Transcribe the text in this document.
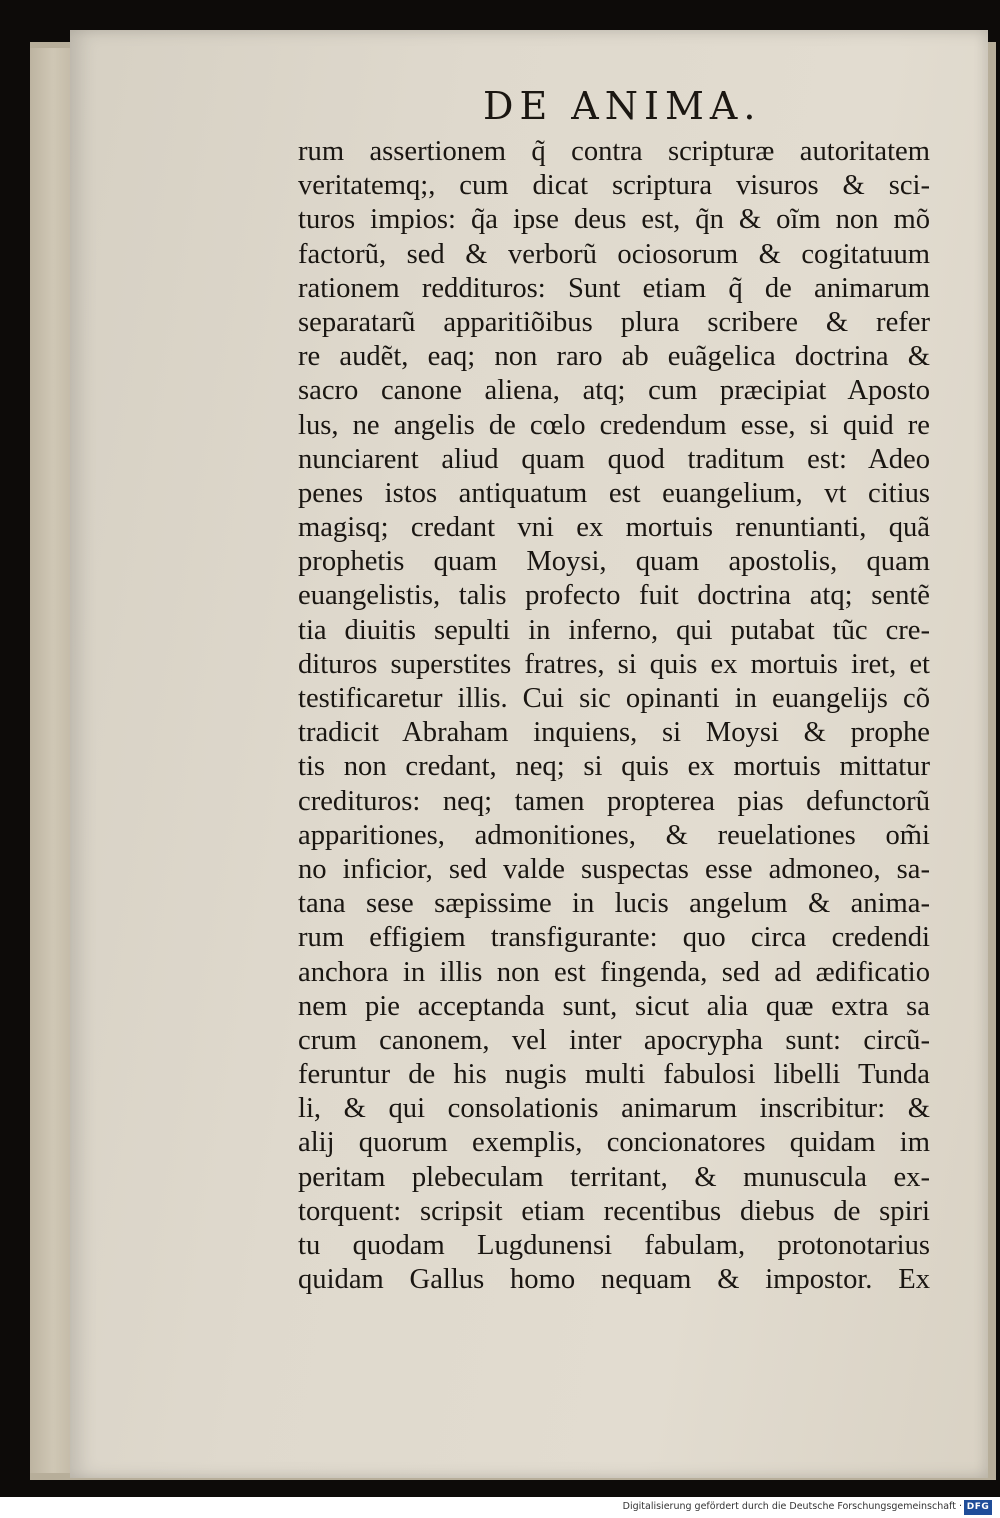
DE ANIMA.
rum assertionem q̃ contra scripturæ autoritatem
veritatemq;, cum dicat scriptura visuros & sci-
turos impios: q̃a ipse deus est, q̃n & oĩm non mõ
factorũ, sed & verborũ ociosorum & cogitatuum
rationem reddituros: Sunt etiam q̃ de animarum
separatarũ apparitiõibus plura scribere & refer
re audẽt, eaq; non raro ab euãgelica doctrina &
sacro canone aliena, atq; cum præcipiat Aposto
lus, ne angelis de cœlo credendum esse, si quid re
nunciarent aliud quam quod traditum est: Adeo
penes istos antiquatum est euangelium, vt citius
magisq; credant vni ex mortuis renuntianti, quã
prophetis quam Moysi, quam apostolis, quam
euangelistis, talis profecto fuit doctrina atq; sentẽ
tia diuitis sepulti in inferno, qui putabat tũc cre-
dituros superstites fratres, si quis ex mortuis iret, et
testificaretur illis. Cui sic opinanti in euangelijs cõ
tradicit Abraham inquiens, si Moysi & prophe
tis non credant, neq; si quis ex mortuis mittatur
credituros: neq; tamen propterea pias defunctorũ
apparitiones, admonitiones, & reuelationes om̃i
no inficior, sed valde suspectas esse admoneo, sa-
tana sese sæpissime in lucis angelum & anima-
rum effigiem transfigurante: quo circa credendi
anchora in illis non est fingenda, sed ad ædificatio
nem pie acceptanda sunt, sicut alia quæ extra sa
crum canonem, vel inter apocrypha sunt: circũ-
feruntur de his nugis multi fabulosi libelli Tunda
li, & qui consolationis animarum inscribitur: &
alij quorum exemplis, concionatores quidam im
peritam plebeculam territant, & munuscula ex-
torquent: scripsit etiam recentibus diebus de spiri
tu quodam Lugdunensi fabulam, protonotarius
quidam Gallus homo nequam & impostor. Ex
Digitalisierung gefördert durch die Deutsche Forschungsgemeinschaft · DFG
